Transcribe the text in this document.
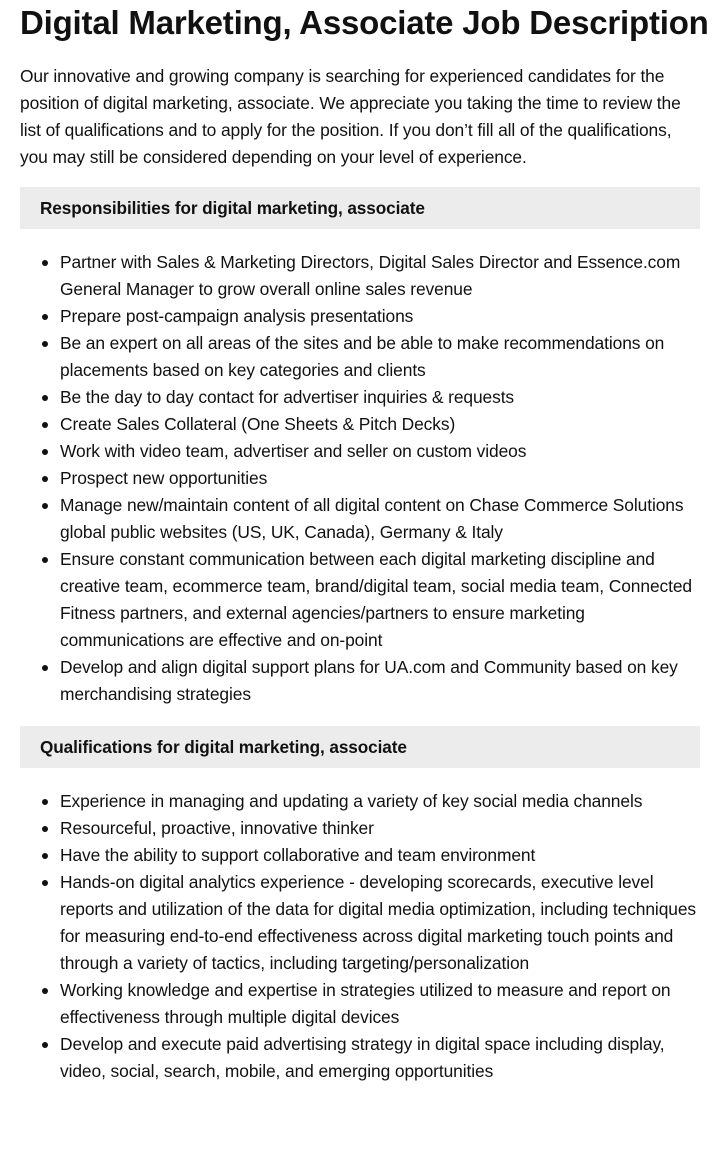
Digital Marketing, Associate Job Description

Our innovative and growing company is searching for experienced candidates for the position of digital marketing, associate. We appreciate you taking the time to review the list of qualifications and to apply for the position. If you don’t fill all of the qualifications, you may still be considered depending on your level of experience.

Responsibilities for digital marketing, associate
Partner with Sales & Marketing Directors, Digital Sales Director and Essence.com General Manager to grow overall online sales revenue
Prepare post-campaign analysis presentations
Be an expert on all areas of the sites and be able to make recommendations on placements based on key categories and clients
Be the day to day contact for advertiser inquiries & requests
Create Sales Collateral (One Sheets & Pitch Decks)
Work with video team, advertiser and seller on custom videos
Prospect new opportunities
Manage new/maintain content of all digital content on Chase Commerce Solutions global public websites (US, UK, Canada), Germany & Italy
Ensure constant communication between each digital marketing discipline and creative team, ecommerce team, brand/digital team, social media team, Connected Fitness partners, and external agencies/partners to ensure marketing communications are effective and on-point
Develop and align digital support plans for UA.com and Community based on key merchandising strategies
Qualifications for digital marketing, associate
Experience in managing and updating a variety of key social media channels
Resourceful, proactive, innovative thinker
Have the ability to support collaborative and team environment
Hands-on digital analytics experience - developing scorecards, executive level reports and utilization of the data for digital media optimization, including techniques for measuring end-to-end effectiveness across digital marketing touch points and through a variety of tactics, including targeting/personalization
Working knowledge and expertise in strategies utilized to measure and report on effectiveness through multiple digital devices
Develop and execute paid advertising strategy in digital space including display, video, social, search, mobile, and emerging opportunities
